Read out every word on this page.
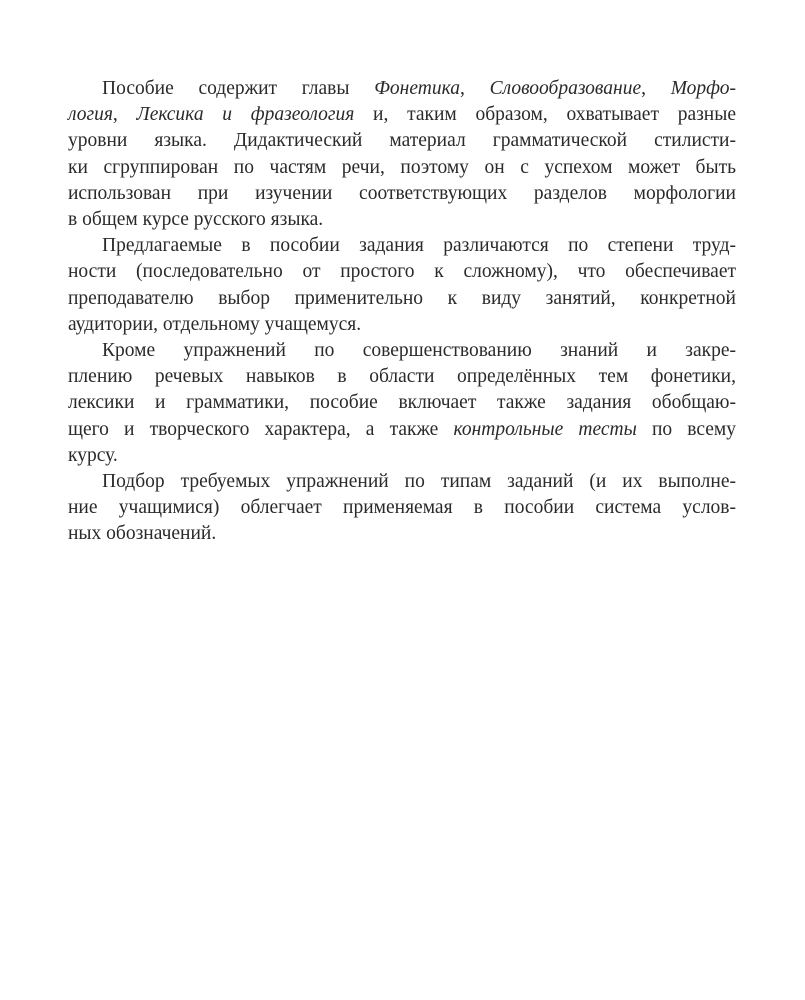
Пособие содержит главы Фонетика, Словообразование, Морфо-
логия, Лексика и фразеология и, таким образом, охватывает разные
уровни языка. Дидактический материал грамматической стилисти-
ки сгруппирован по частям речи, поэтому он с успехом может быть
использован при изучении соответствующих разделов морфологии
в общем курсе русского языка.
Предлагаемые в пособии задания различаются по степени труд-
ности (последовательно от простого к сложному), что обеспечивает
преподавателю выбор применительно к виду занятий, конкретной
аудитории, отдельному учащемуся.
Кроме упражнений по совершенствованию знаний и закре-
плению речевых навыков в области определённых тем фонетики,
лексики и грамматики, пособие включает также задания обобщаю-
щего и творческого характера, а также контрольные тесты по всему
курсу.
Подбор требуемых упражнений по типам заданий (и их выполне-
ние учащимися) облегчает применяемая в пособии система услов-
ных обозначений.
